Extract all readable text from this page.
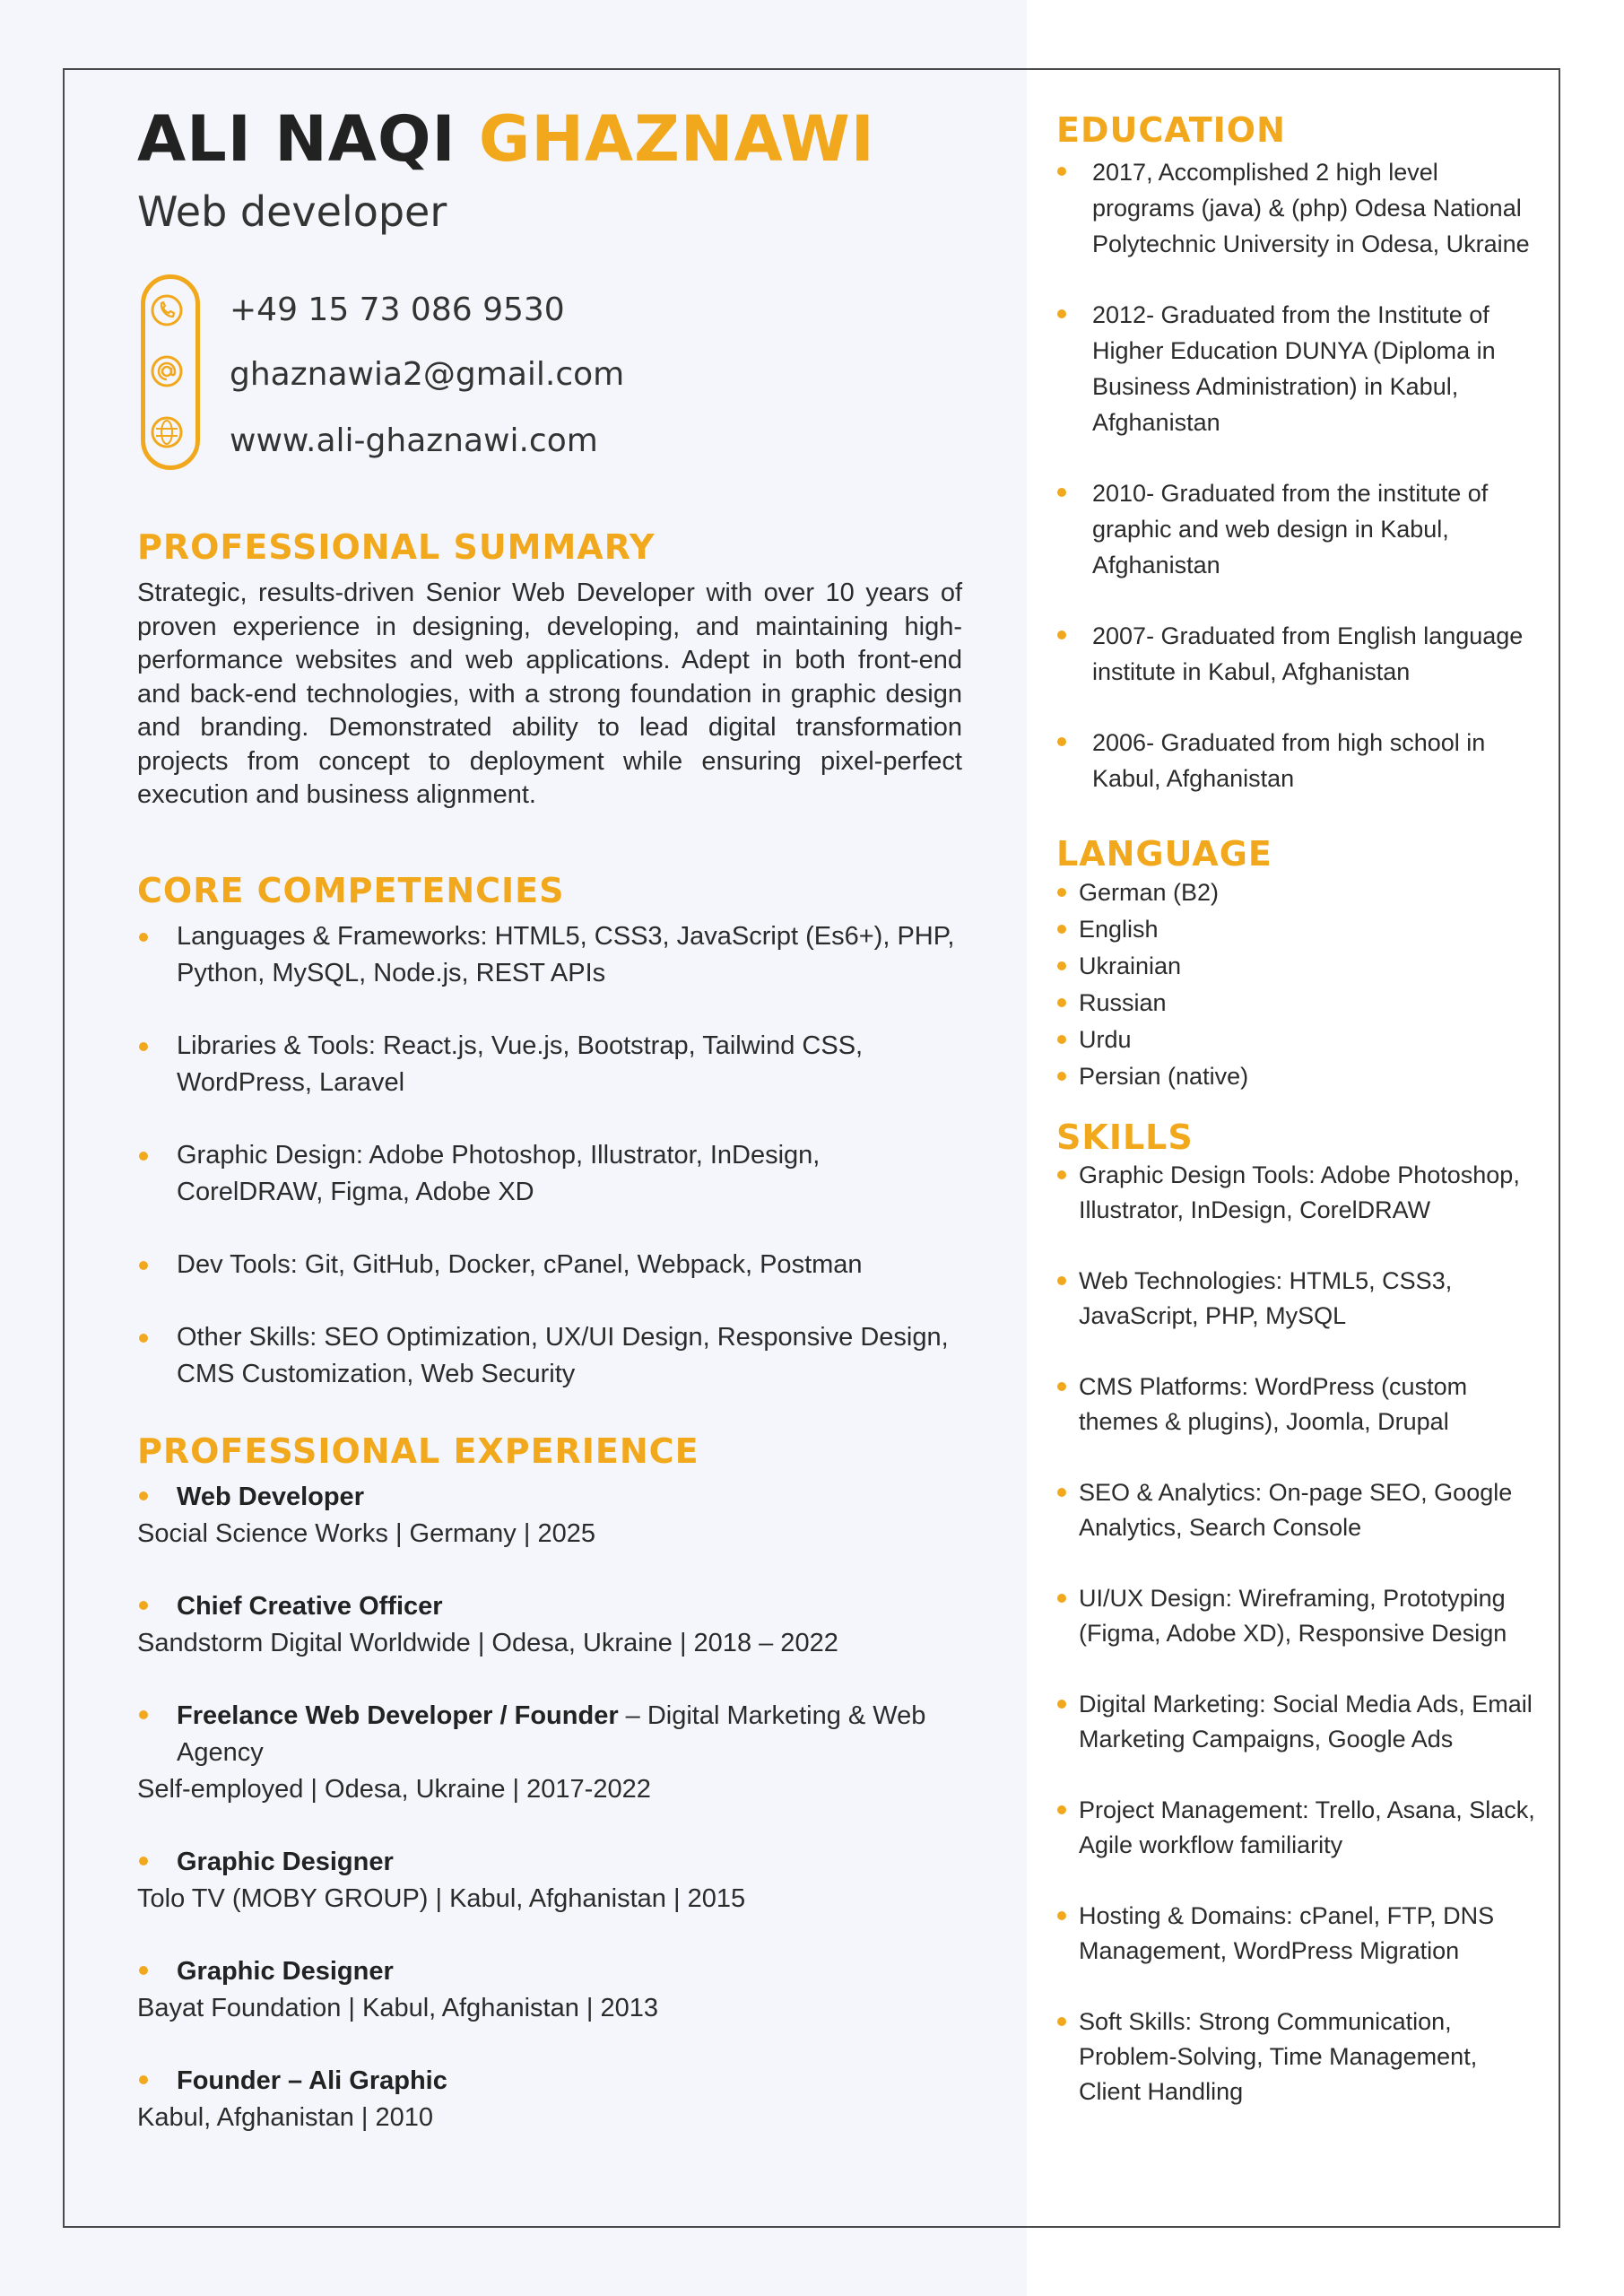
ALI NAQI GHAZNAWI
Web developer
+49 15 73 086 9530
ghaznawia2@gmail.com
www.ali-ghaznawi.com
PROFESSIONAL SUMMARY

Strategic, results-driven Senior Web Developer with over 10 years of proven experience in designing, developing, and maintaining high-performance websites and web applications. Adept in both front-end and back-end technologies, with a strong foundation in graphic design and branding. Demonstrated ability to lead digital transformation projects from concept to deployment while ensuring pixel-perfect execution and business alignment.

CORE COMPETENCIES
Languages & Frameworks: HTML5, CSS3, JavaScript (Es6+), PHP, Python, MySQL, Node.js, REST APIs
Libraries & Tools: React.js, Vue.js, Bootstrap, Tailwind CSS, WordPress, Laravel
Graphic Design: Adobe Photoshop, Illustrator, InDesign, CorelDRAW, Figma, Adobe XD
Dev Tools: Git, GitHub, Docker, cPanel, Webpack, Postman
Other Skills: SEO Optimization, UX/UI Design, Responsive Design, CMS Customization, Web Security
PROFESSIONAL EXPERIENCE
Web Developer
Social Science Works | Germany | 2025
Chief Creative Officer
Sandstorm Digital Worldwide | Odesa, Ukraine | 2018 – 2022
Freelance Web Developer / Founder – Digital Marketing & Web Agency
Self-employed | Odesa, Ukraine | 2017-2022
Graphic Designer
Tolo TV (MOBY GROUP) | Kabul, Afghanistan | 2015
Graphic Designer
Bayat Foundation | Kabul, Afghanistan | 2013
Founder – Ali Graphic
Kabul, Afghanistan | 2010
EDUCATION
2017, Accomplished 2 high level programs (java) & (php) Odesa National Polytechnic University in Odesa, Ukraine
2012- Graduated from the Institute of Higher Education DUNYA (Diploma in Business Administration) in Kabul, Afghanistan
2010- Graduated from the institute of graphic and web design in Kabul, Afghanistan
2007- Graduated from English language institute in Kabul, Afghanistan
2006- Graduated from high school in Kabul, Afghanistan
LANGUAGE
German (B2)
English
Ukrainian
Russian
Urdu
Persian (native)
SKILLS
Graphic Design Tools: Adobe Photoshop, Illustrator, InDesign, CorelDRAW
Web Technologies: HTML5, CSS3, JavaScript, PHP, MySQL
CMS Platforms: WordPress (custom themes & plugins), Joomla, Drupal
SEO & Analytics: On-page SEO, Google Analytics, Search Console
UI/UX Design: Wireframing, Prototyping (Figma, Adobe XD), Responsive Design
Digital Marketing: Social Media Ads, Email Marketing Campaigns, Google Ads
Project Management: Trello, Asana, Slack, Agile workflow familiarity
Hosting & Domains: cPanel, FTP, DNS Management, WordPress Migration
Soft Skills: Strong Communication, Problem-Solving, Time Management, Client Handling
